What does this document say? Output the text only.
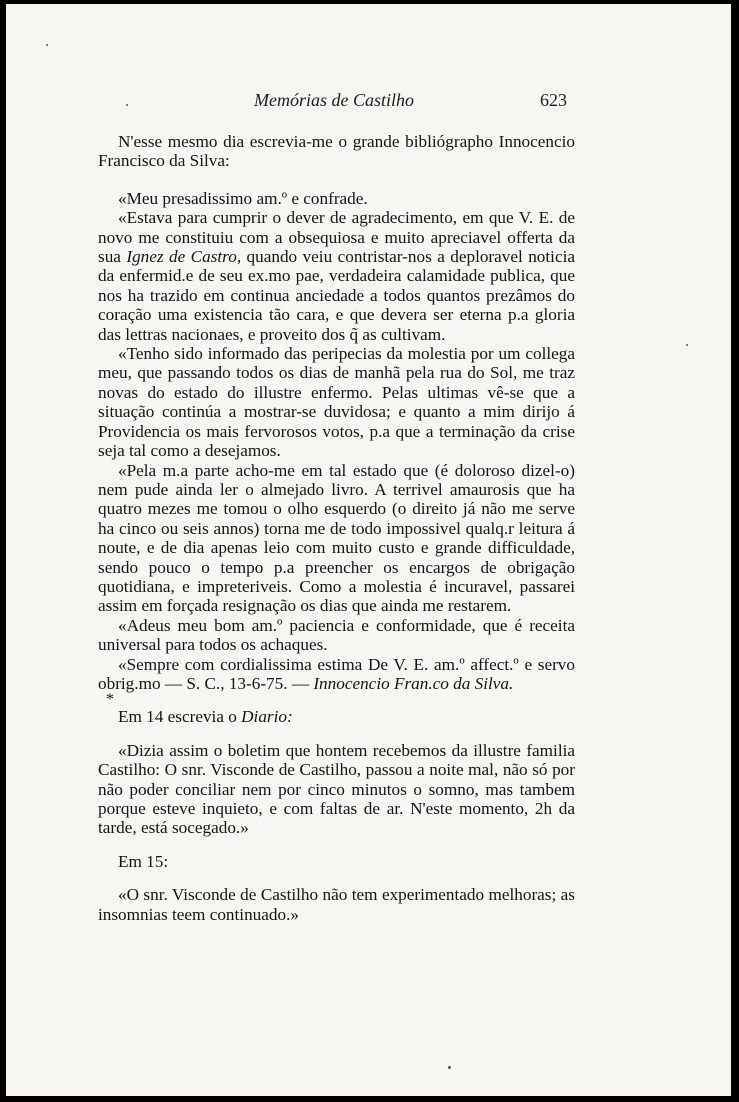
Memórias de Castilho	623

N'esse mesmo dia escrevia-me o grande bibliógrapho Innocencio Francisco da Silva:

«Meu presadissimo am.º e confrade.

«Estava para cumprir o dever de agradecimento, em que V. E. de novo me constituiu com a obsequiosa e muito apreciavel offerta da sua Ignez de Castro, quando veiu contristar-nos a deploravel noticia da enfermid.e de seu ex.mo pae, verdadeira calamidade publica, que nos ha trazido em continua anciedade a todos quantos prezâmos do coração uma existencia tão cara, e que devera ser eterna p.a gloria das lettras nacionaes, e proveito dos q̃ as cultivam.

«Tenho sido informado das peripecias da molestia por um collega meu, que passando todos os dias de manhã pela rua do Sol, me traz novas do estado do illustre enfermo. Pelas ultimas vê-se que a situação continúa a mostrar-se duvidosa; e quanto a mim dirijo á Providencia os mais fervorosos votos, p.a que a terminação da crise seja tal como a desejamos.

«Pela m.a parte acho-me em tal estado que (é doloroso dizel-o) nem pude ainda ler o almejado livro. A terrivel amaurosis que ha quatro mezes me tomou o olho esquerdo (o direito já não me serve ha cinco ou seis annos) torna me de todo impossivel qualq.r leitura á noute, e de dia apenas leio com muito custo e grande difficuldade, sendo pouco o tempo p.a preencher os encargos de obrigação quotidiana, e impreteriveis. Como a molestia é incuravel, passarei assim em forçada resignação os dias que ainda me restarem.

«Adeus meu bom am.º paciencia e conformidade, que é receita universal para todos os achaques.

«Sempre com cordialissima estima De V. E. am.º affect.º e servo obrig.mo — S. C., 13-6-75. — Innocencio Fran.co da Silva.

*

Em 14 escrevia o Diario:

«Dizia assim o boletim que hontem recebemos da illustre familia Castilho: O snr. Visconde de Castilho, passou a noite mal, não só por não poder conciliar nem por cinco minutos o somno, mas tambem porque esteve inquieto, e com faltas de ar. N'este momento, 2h da tarde, está socegado.»

Em 15:

«O snr. Visconde de Castilho não tem experimentado melhoras; as insomnias teem continuado.»
